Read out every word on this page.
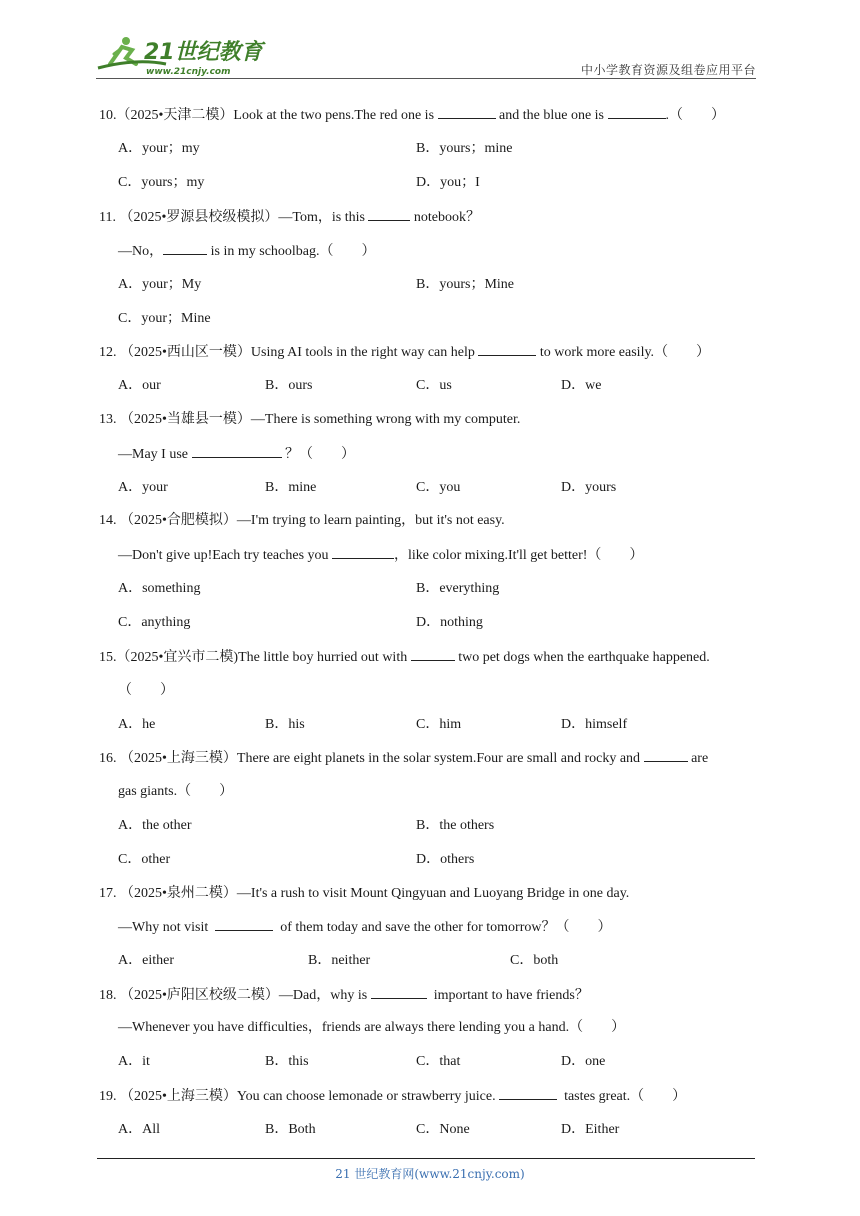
21世纪教育
www.21cnjy.com	中小学教育资源及组卷应用平台
10.（2025•天津二模）Look at the two pens.The red one is	and the blue one is	.（　　）
A．your；my	B．yours；mine
C．yours；my	D．you；I
11. （2025•罗源县校级模拟）—Tom，is this	notebook？
—No，	is in my schoolbag.（　　）
A．your；My	B．yours；Mine
C．your；Mine
12. （2025•西山区一模）Using AI tools in the right way can help	to work more easily.（　　）
A．our	B．ours	C．us	D．we
13. （2025•当雄县一模）—There is something wrong with my computer.
—May I use	？（　　）
A．your	B．mine	C．you	D．yours
14. （2025•合肥模拟）—I'm trying to learn painting，but it's not easy.
—Don't give up!Each try teaches you	，like color mixing.It'll get better!（　　）
A．something	B．everything
C．anything	D．nothing
15.（2025•宜兴市二模)The little boy hurried out with	two pet dogs when the earthquake happened.
（　　）
A．he	B．his	C．him	D．himself
16. （2025•上海三模）There are eight planets in the solar system.Four are small and rocky and	are
gas giants.（　　）
A．the other	B．the others
C．other	D．others
17. （2025•泉州二模）—It's a rush to visit Mount Qingyuan and Luoyang Bridge in one day.
—Why not visit	of them today and save the other for tomorrow？（　　）
A．either	B．neither	C．both
18. （2025•庐阳区校级二模）—Dad，why is	important to have friends？
—Whenever you have difficulties，friends are always there lending you a hand.（　　）
A．it	B．this	C．that	D．one
19. （2025•上海三模）You can choose lemonade or strawberry juice.	tastes great.（　　）
A．All	B．Both	C．None	D．Either
21 世纪教育网(www.21cnjy.com)
